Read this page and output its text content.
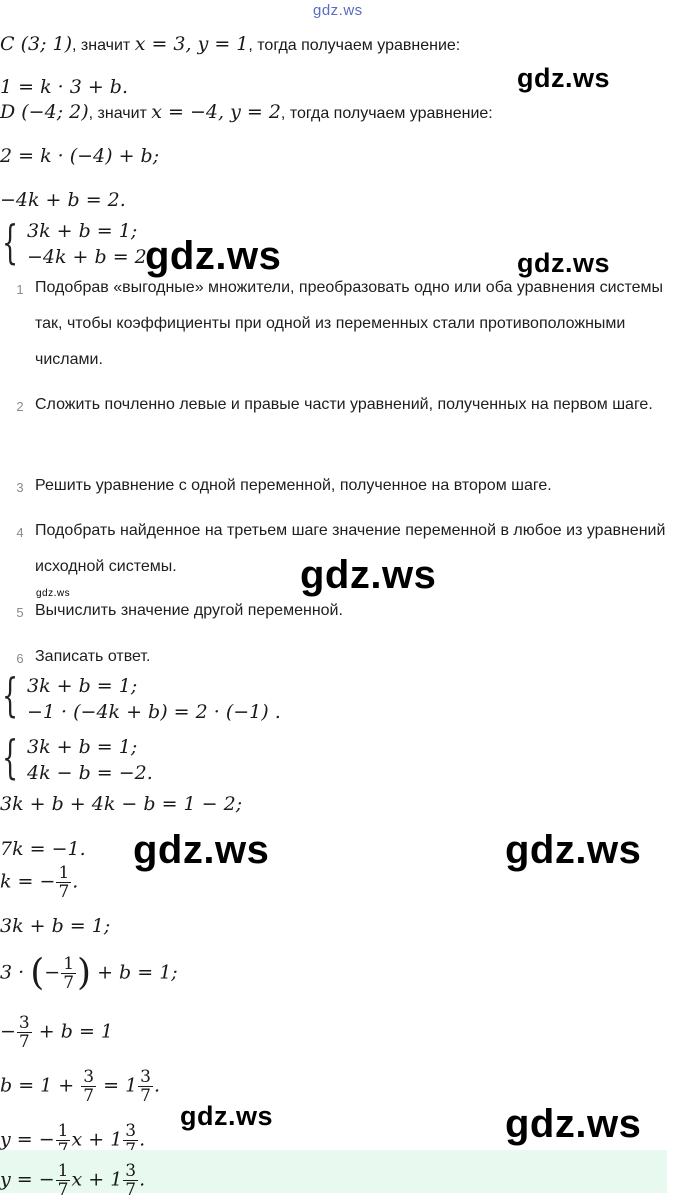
gdz.ws
C (3; 1), значит x = 3, y = 1, тогда получаем уравнение:
1 = k · 3 + b.	gdz.ws
D (−4; 2), значит x = −4, y = 2, тогда получаем уравнение:
2 = k · (−4) + b;
−4k + b = 2.
{ 3k + b = 1;
−4k + b = 2.
gdz.ws	gdz.ws
1 Подобрав «выгодные» множители, преобразовать одно или оба уравнения системы так, чтобы коэффициенты при одной из переменных стали противоположными числами.
2 Сложить почленно левые и правые части уравнений, полученных на первом шаге.
3 Решить уравнение с одной переменной, полученное на втором шаге.
4 Подобрать найденное на третьем шаге значение переменной в любое из уравнений исходной системы.	gdz.ws
gdz.ws
5 Вычислить значение другой переменной.
6 Записать ответ.
{ 3k + b = 1;
−1 · (−4k + b) = 2 · (−1) .
{ 3k + b = 1;
4k − b = −2.
3k + b + 4k − b = 1 − 2;
7k = −1. gdz.ws	gdz.ws
k = − $\frac{1}{7}$ .
3k + b = 1;
3 · (− $\frac{1}{7}$ ) + b = 1;
− $\frac{3}{7} + b = 1$
$b = 1 + \frac{3}{7} = 1 \frac{3}{7}$ .
y = − 1 x + 1 3 .
gdz.ws	gdz.ws
y = − $\frac{1}{7}$ $x + 1 \frac{3}{7}$ .
